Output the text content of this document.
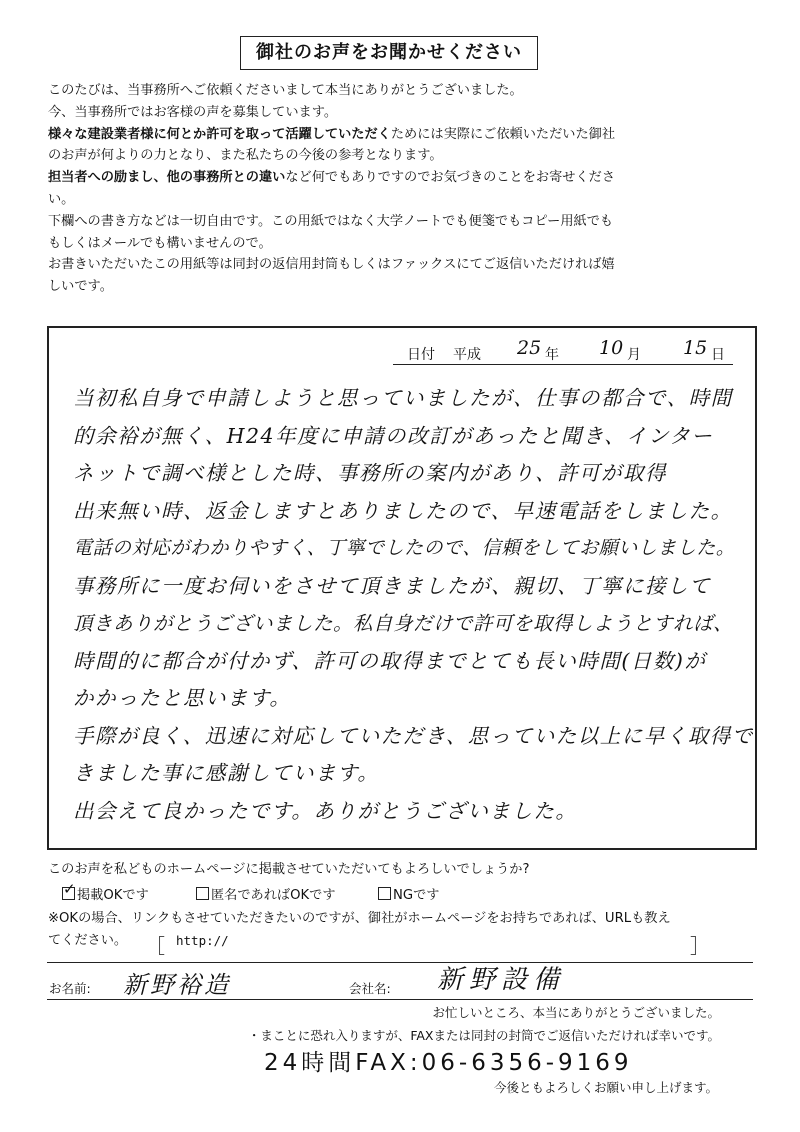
御社のお声をお聞かせください

このたびは、当事務所へご依頼くださいまして本当にありがとうございました。

今、当事務所ではお客様の声を募集しています。

様々な建設業者様に何とか許可を取って活躍していただくためには実際にご依頼いただいた御社

のお声が何よりの力となり、また私たちの今後の参考となります。

担当者への励まし、他の事務所との違いなど何でもありですのでお気づきのことをお寄せくださ

い。

下欄への書き方などは一切自由です。この用紙ではなく大学ノートでも便箋でもコピー用紙でも

もしくはメールでも構いませんので。

お書きいただいたこの用紙等は同封の返信用封筒もしくはファックスにてご返信いただければ嬉

しいです。

日付 平成 25 年 10 月 15 日
当初私自身で申請しようと思っていましたが、仕事の都合で、時間
的余裕が無く、H24年度に申請の改訂があったと聞き、インター
ネットで調べ様とした時、事務所の案内があり、許可が取得
出来無い時、返金しますとありましたので、早速電話をしました。
電話の対応がわかりやすく、丁寧でしたので、信頼をしてお願いしました。
事務所に一度お伺いをさせて頂きましたが、親切、丁寧に接して
頂きありがとうございました。私自身だけで許可を取得しようとすれば、
時間的に都合が付かず、許可の取得までとても長い時間(日数)が
かかったと思います。
手際が良く、迅速に対応していただき、思っていた以上に早く取得で
きました事に感謝しています。
出会えて良かったです。ありがとうございました。
このお声を私どものホームページに掲載させていただいてもよろしいでしょうか?
✓掲載OKです	匿名であればOKです	NGです
※OKの場合、リンクもさせていただきたいのですが、御社がホームページをお持ちであれば、URLも教え
てください。 ［ http://	］
お名前: 新野裕造	会社名: 新野設備
お忙しいところ、本当にありがとうございました。
・まことに恐れ入りますが、FAXまたは同封の封筒でご返信いただければ幸いです。
24時間FAX:06-6356-9169
今後ともよろしくお願い申し上げます。
